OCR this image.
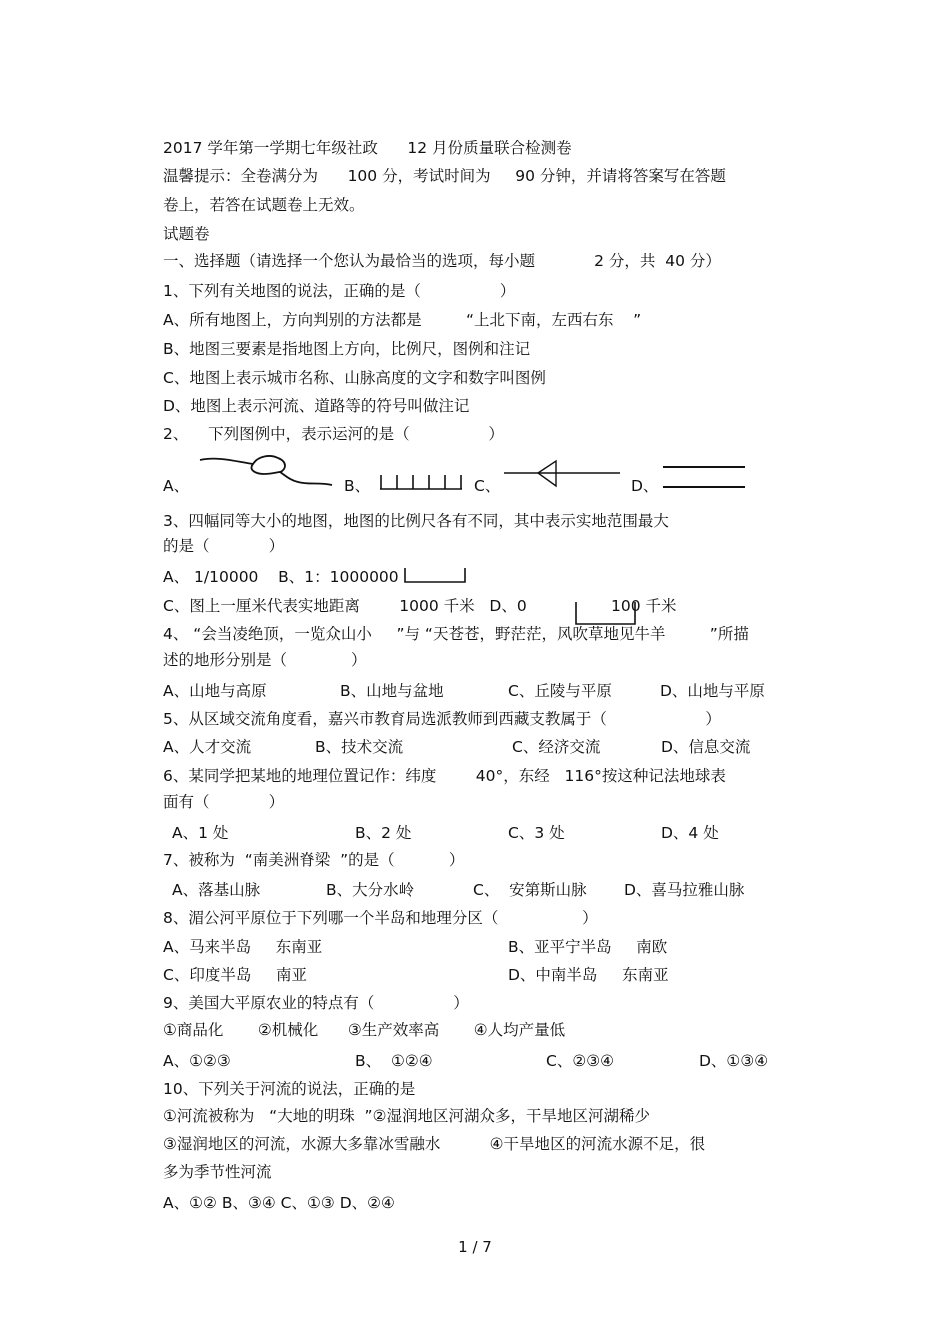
2017 学年第一学期七年级社政      12 月份质量联合检测卷
温馨提示：全卷满分为      100 分，考试时间为     90 分钟，并请将答案写在答题
卷上，若答在试题卷上无效。
试题卷
一、选择题（请选择一个您认为最恰当的选项，每小题            2 分，共  40 分）
1、下列有关地图的说法，正确的是（                ）
A、所有地图上，方向判别的方法都是         “上北下南，左西右东    ”
B、地图三要素是指地图上方向，比例尺，图例和注记
C、地图上表示城市名称、山脉高度的文字和数字叫图例
D、地图上表示河流、道路等的符号叫做注记
2、    下列图例中，表示运河的是（                ）
A、	B、	C、	D、
3、四幅同等大小的地图，地图的比例尺各有不同，其中表示实地范围最大
的是（            ）
A、 1/10000    B、1：1000000
C、图上一厘米代表实地距离        1000 千米   D、0	100 千米
4、 “会当凌绝顶，一览众山小     ”与 “天苍苍，野茫茫，风吹草地见牛羊         ”所描
述的地形分别是（             ）
A、山地与高原	B、山地与盆地	C、丘陵与平原	D、山地与平原
5、从区域交流角度看，嘉兴市教育局选派教师到西藏支教属于（                    ）
A、人才交流	B、技术交流	C、经济交流	D、信息交流
6、某同学把某地的地理位置记作：纬度        40°，东经   116°按这种记法地球表
面有（            ）
A、1 处	B、2 处	C、3 处	D、4 处
7、被称为  “南美洲脊梁  ”的是（           ）
A、落基山脉	B、大分水岭	C、  安第斯山脉 D、喜马拉雅山脉
8、湄公河平原位于下列哪一个半岛和地理分区（                 ）
A、马来半岛     东南亚	B、亚平宁半岛     南欧
C、印度半岛     南亚	D、中南半岛     东南亚
9、美国大平原农业的特点有（                ）
①商品化       ②机械化      ③生产效率高       ④人均产量低
A、①②③	B、  ①②④	C、②③④	D、①③④
10、下列关于河流的说法，正确的是
①河流被称为   “大地的明珠  ”②湿润地区河湖众多，干旱地区河湖稀少
③湿润地区的河流，水源大多靠冰雪融水          ④干旱地区的河流水源不足，很
多为季节性河流
A、①② B、③④ C、①③ D、②④
1 / 7
